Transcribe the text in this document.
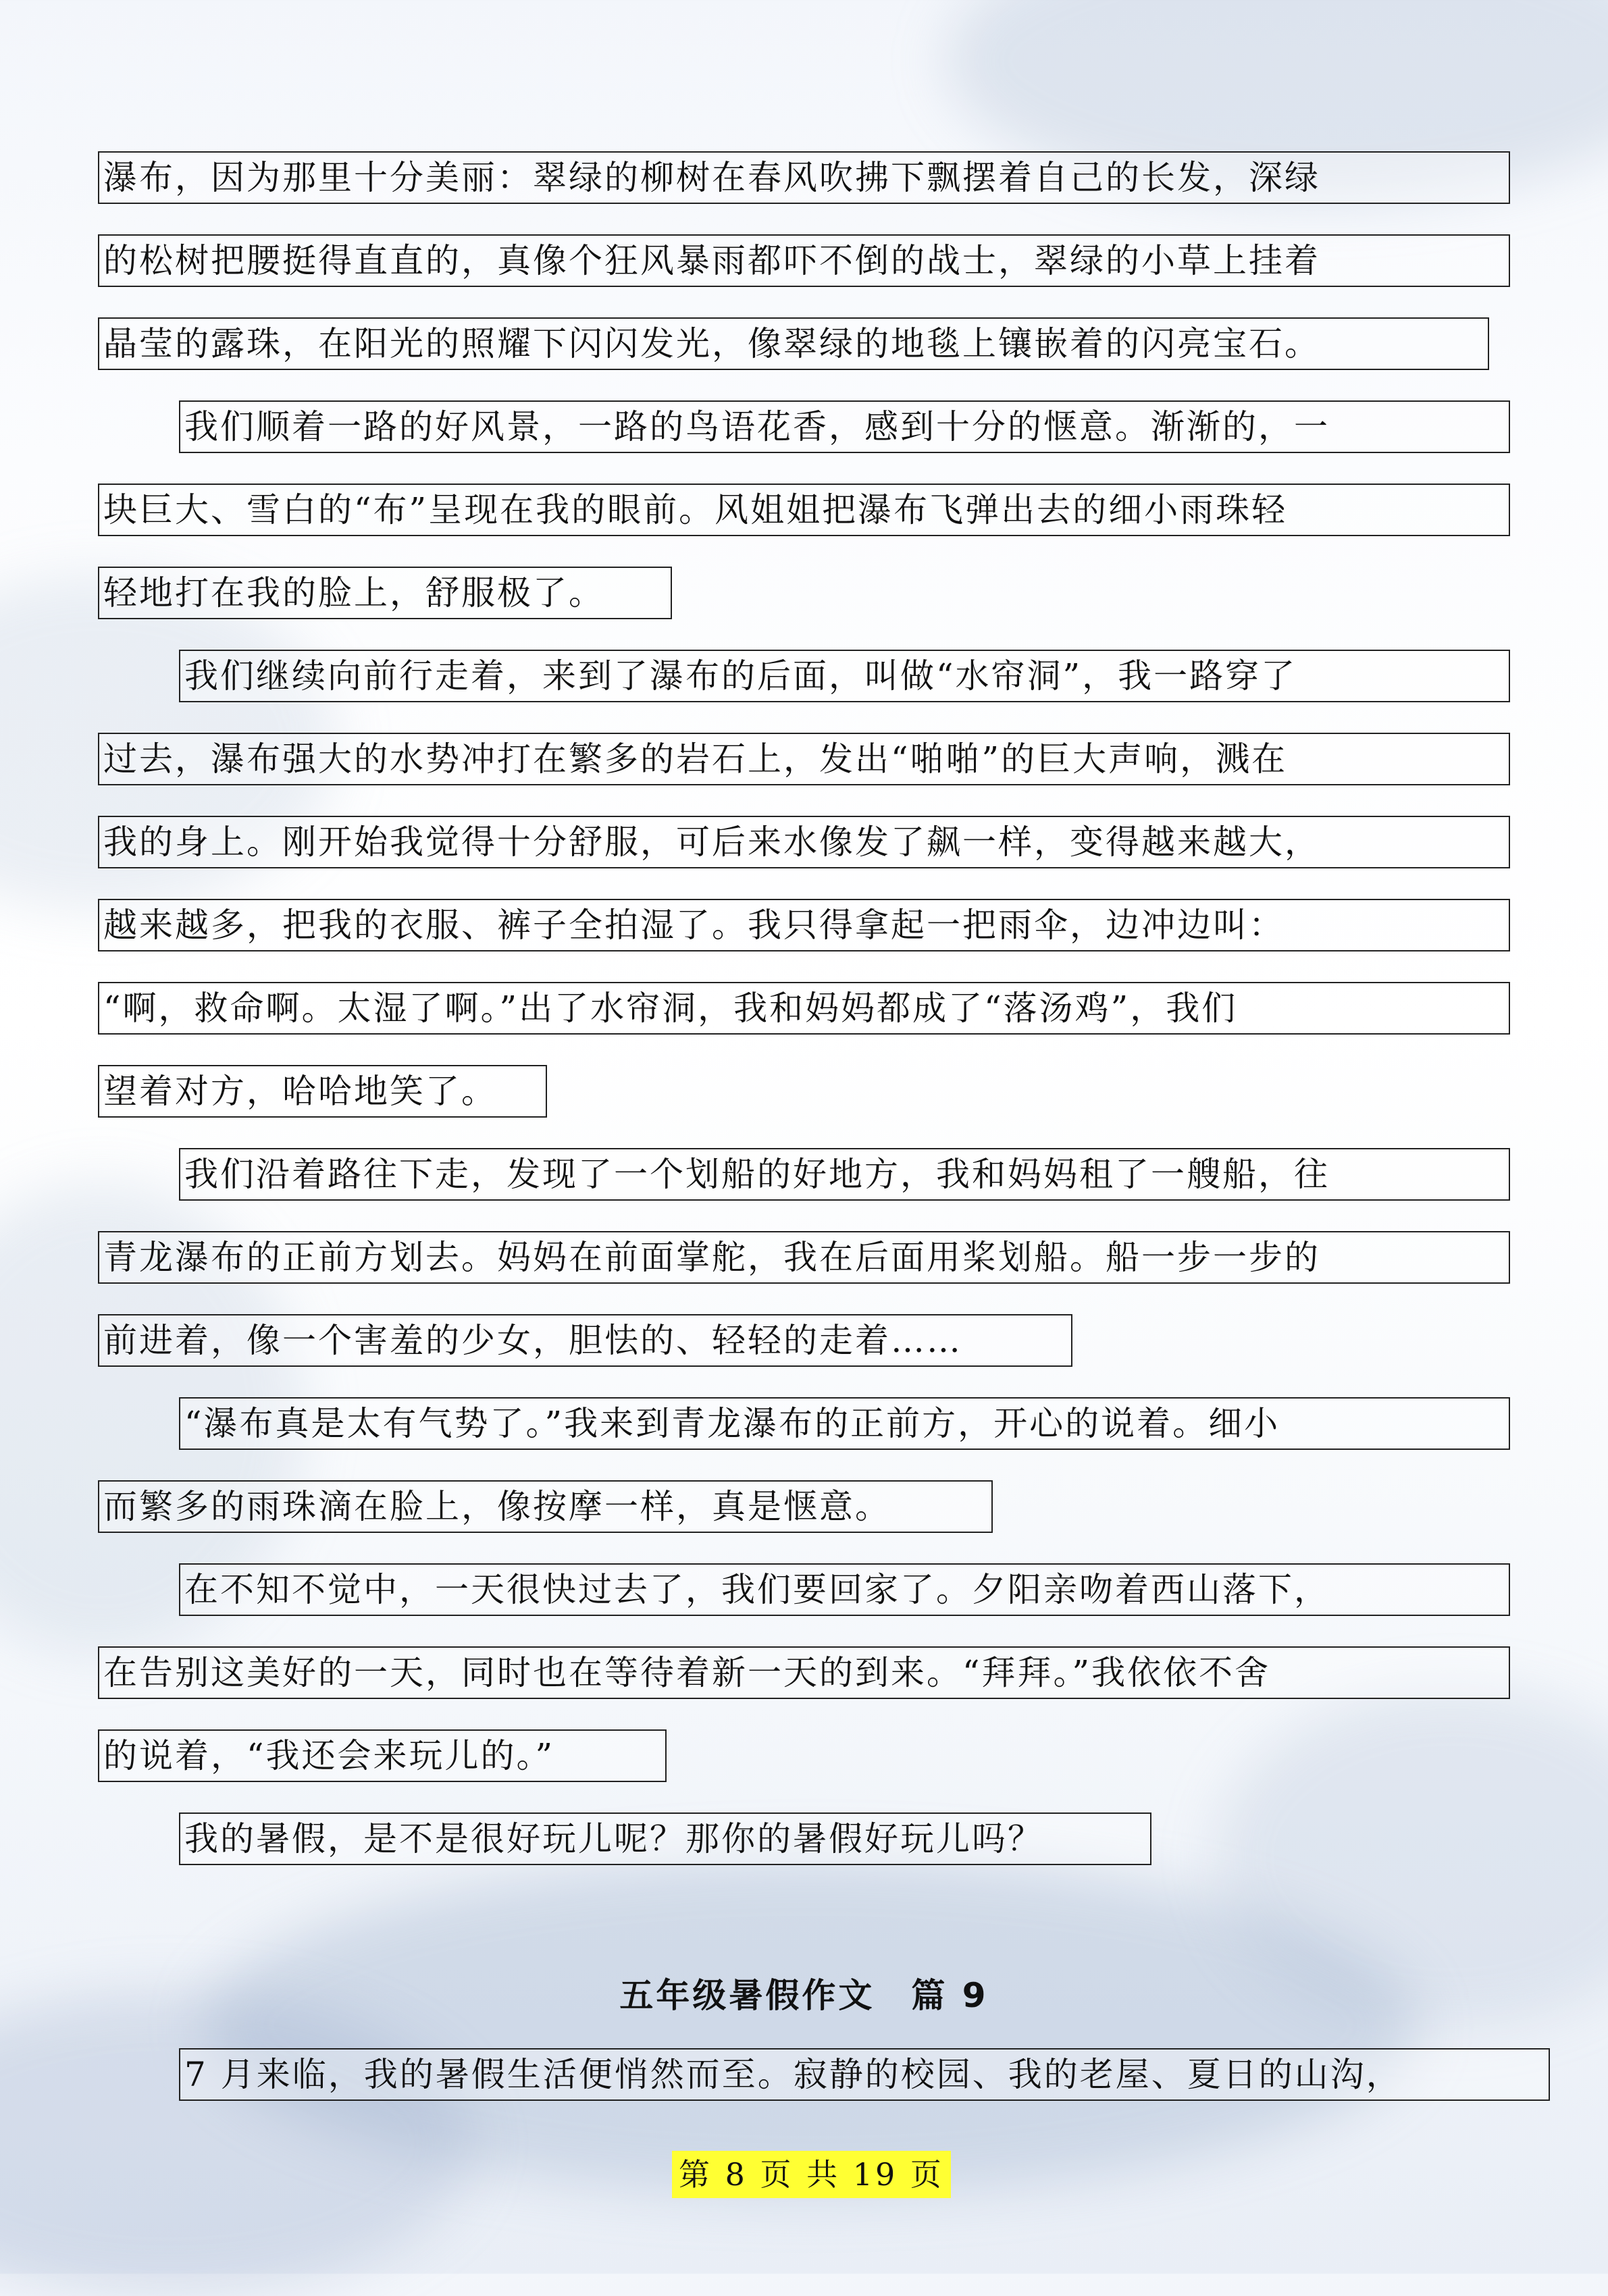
瀑布，因为那里十分美丽：翠绿的柳树在春风吹拂下飘摆着自己的长发，深绿
的松树把腰挺得直直的，真像个狂风暴雨都吓不倒的战士，翠绿的小草上挂着
晶莹的露珠，在阳光的照耀下闪闪发光，像翠绿的地毯上镶嵌着的闪亮宝石。
我们顺着一路的好风景，一路的鸟语花香，感到十分的惬意。渐渐的，一
块巨大、雪白的“布”呈现在我的眼前。风姐姐把瀑布飞弹出去的细小雨珠轻
轻地打在我的脸上，舒服极了。
我们继续向前行走着，来到了瀑布的后面，叫做“水帘洞”，我一路穿了
过去，瀑布强大的水势冲打在繁多的岩石上，发出“啪啪”的巨大声响，溅在
我的身上。刚开始我觉得十分舒服，可后来水像发了飙一样，变得越来越大，
越来越多，把我的衣服、裤子全拍湿了。我只得拿起一把雨伞，边冲边叫：
“啊，救命啊。太湿了啊。”出了水帘洞，我和妈妈都成了“落汤鸡”，我们
望着对方，哈哈地笑了。
我们沿着路往下走，发现了一个划船的好地方，我和妈妈租了一艘船，往
青龙瀑布的正前方划去。妈妈在前面掌舵，我在后面用桨划船。船一步一步的
前进着，像一个害羞的少女，胆怯的、轻轻的走着……
“瀑布真是太有气势了。”我来到青龙瀑布的正前方，开心的说着。细小
而繁多的雨珠滴在脸上，像按摩一样，真是惬意。
在不知不觉中，一天很快过去了，我们要回家了。夕阳亲吻着西山落下，
在告别这美好的一天，同时也在等待着新一天的到来。“拜拜。”我依依不舍
的说着，“我还会来玩儿的。”
我的暑假，是不是很好玩儿呢？那你的暑假好玩儿吗？
五年级暑假作文　篇 9
7 月来临，我的暑假生活便悄然而至。寂静的校园、我的老屋、夏日的山沟，
第 8 页 共 19 页
